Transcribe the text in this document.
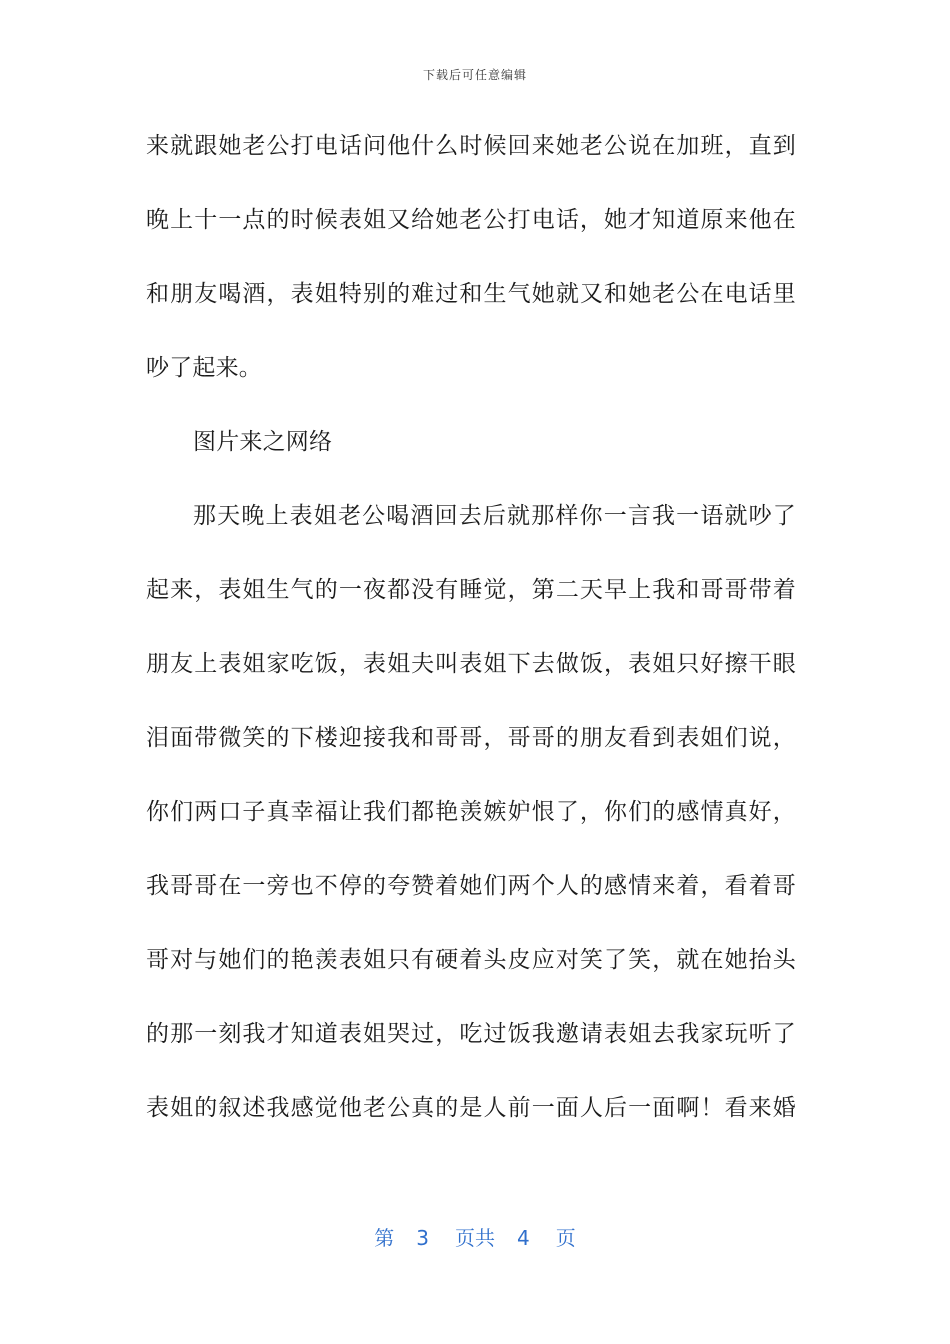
下载后可任意编辑
来就跟她老公打电话问他什么时候回来她老公说在加班，直到
晚上十一点的时候表姐又给她老公打电话，她才知道原来他在
和朋友喝酒，表姐特别的难过和生气她就又和她老公在电话里
吵了起来。
图片来之网络
那天晚上表姐老公喝酒回去后就那样你一言我一语就吵了
起来，表姐生气的一夜都没有睡觉，第二天早上我和哥哥带着
朋友上表姐家吃饭，表姐夫叫表姐下去做饭，表姐只好擦干眼
泪面带微笑的下楼迎接我和哥哥，哥哥的朋友看到表姐们说，
你们两口子真幸福让我们都艳羡嫉妒恨了，你们的感情真好，
我哥哥在一旁也不停的夸赞着她们两个人的感情来着，看着哥
哥对与她们的艳羡表姐只有硬着头皮应对笑了笑，就在她抬头
的那一刻我才知道表姐哭过，吃过饭我邀请表姐去我家玩听了
表姐的叙述我感觉他老公真的是人前一面人后一面啊！看来婚
第 3 页共 4 页
